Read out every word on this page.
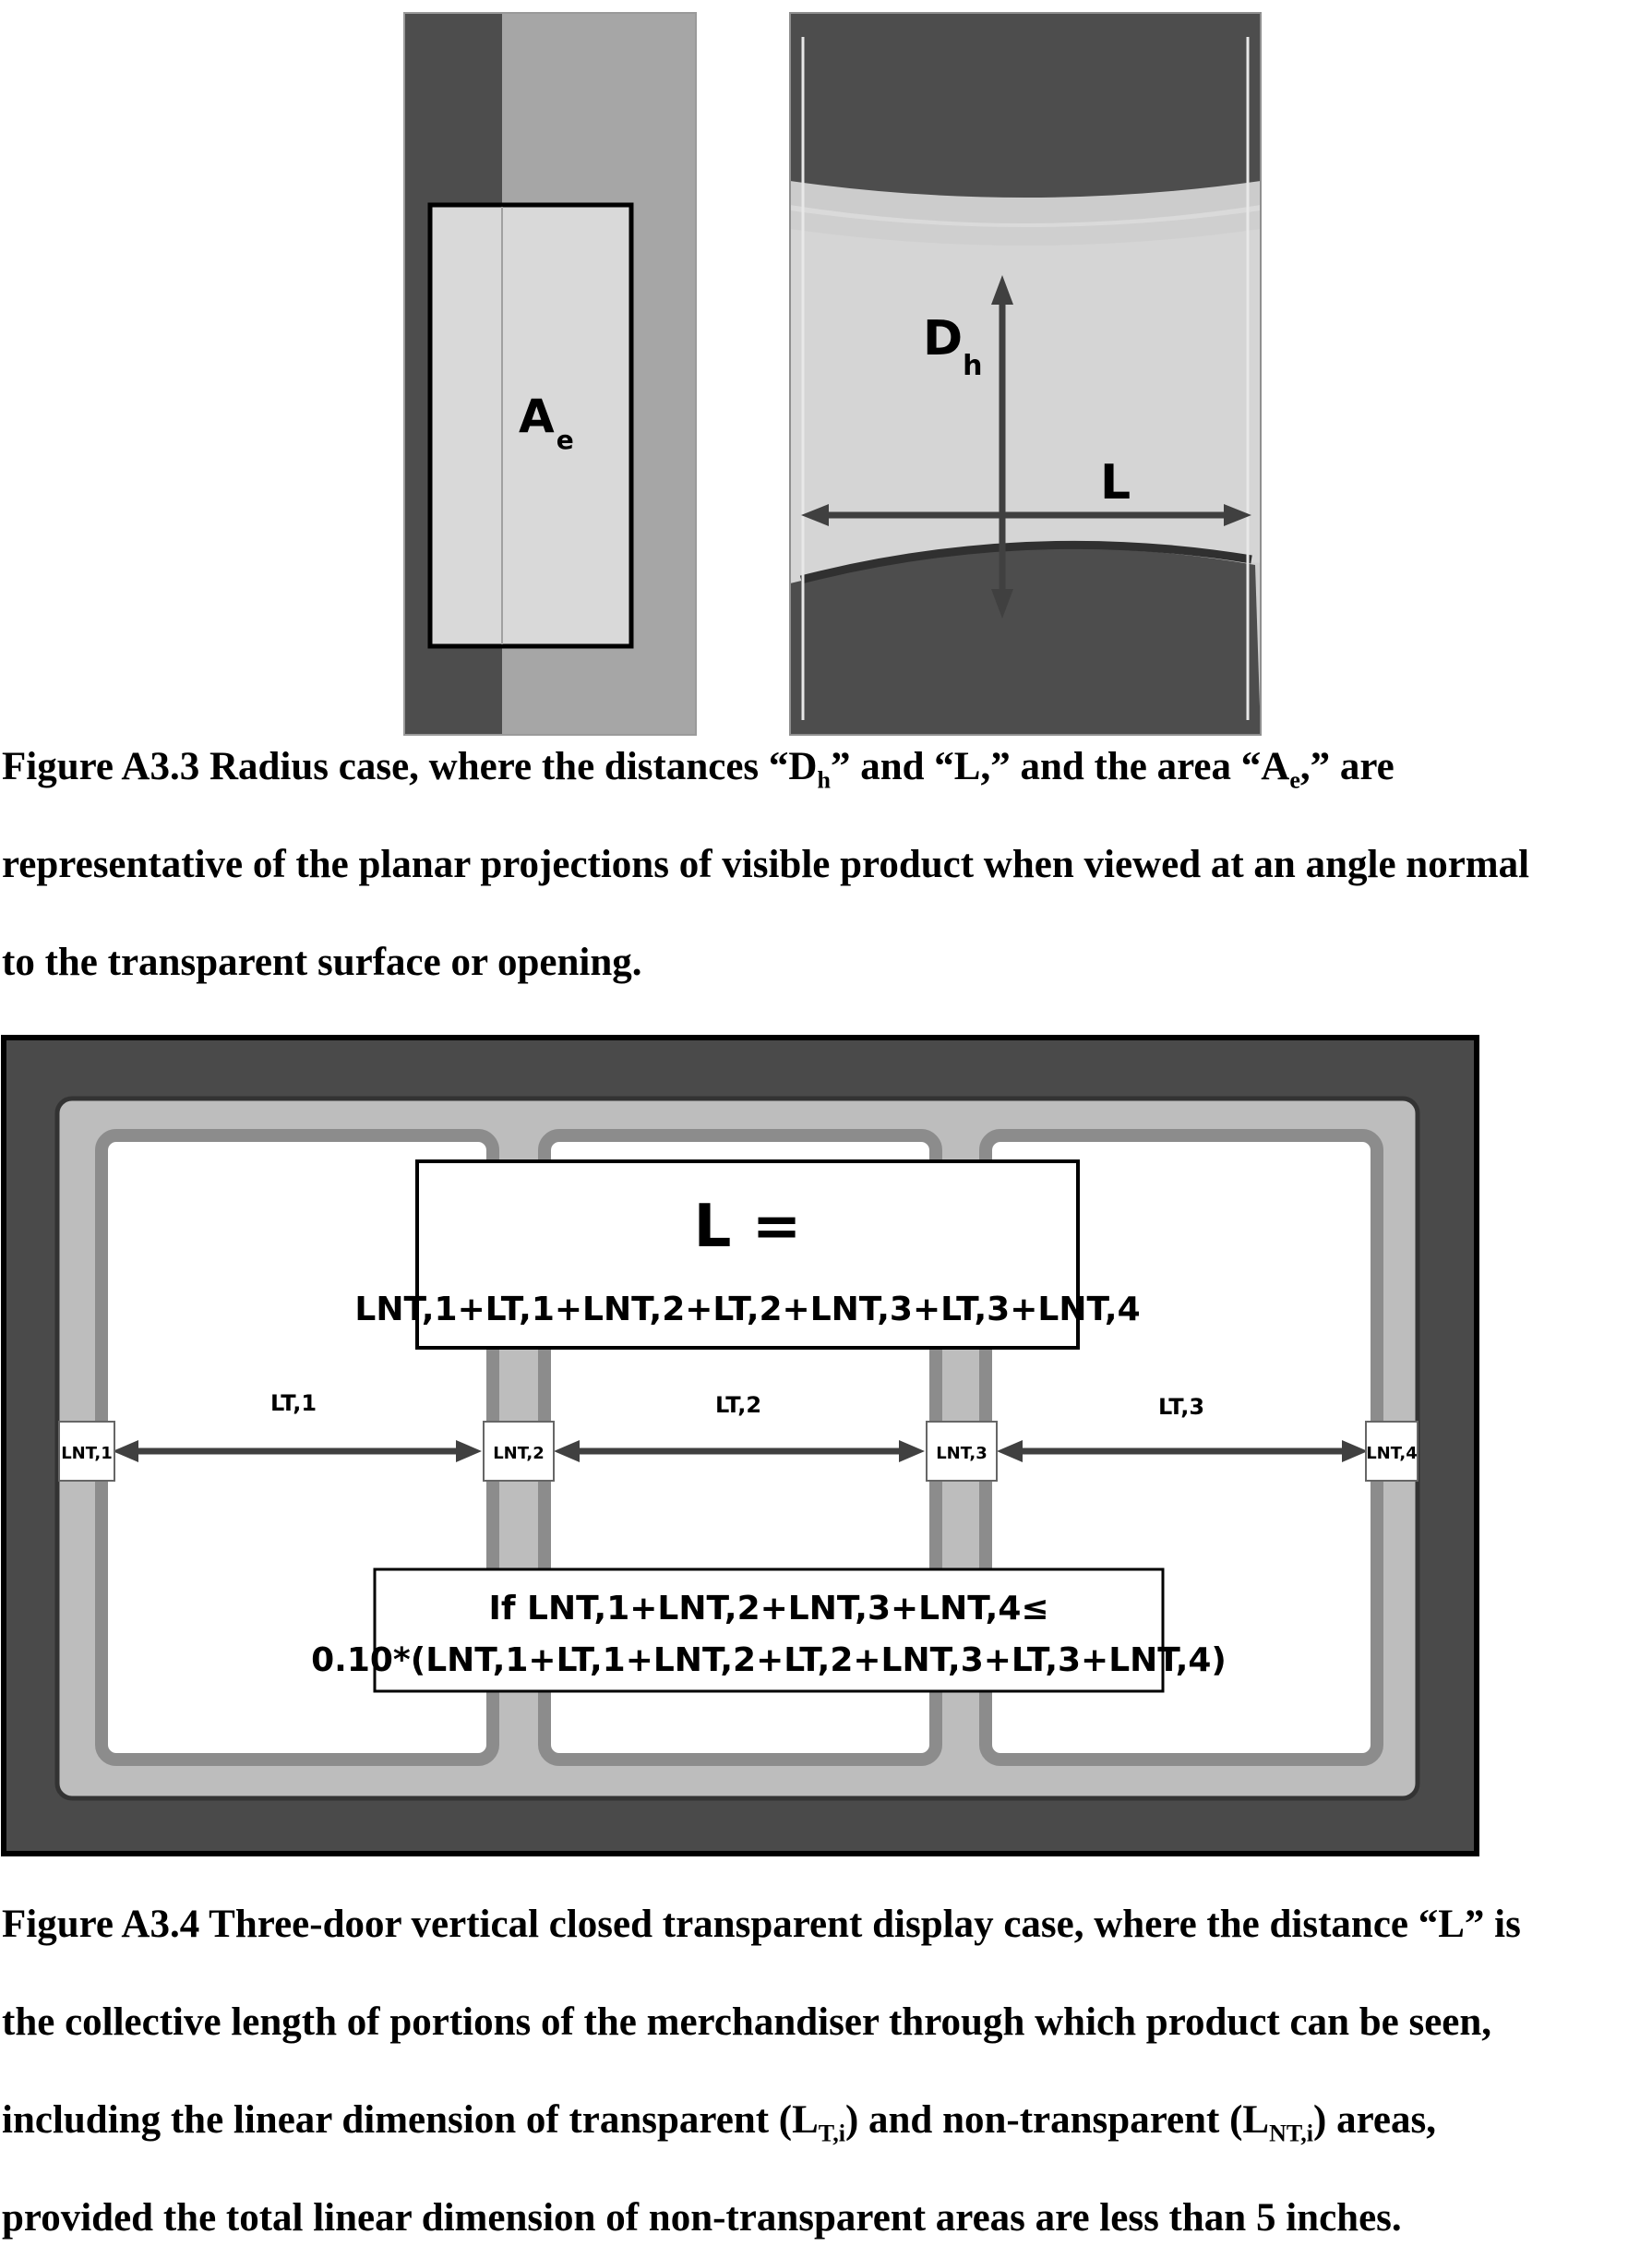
$A_e$
$D_h$
L

Figure A3.3 Radius case, where the distances “$D_h$” and “L,” and the area “$A_e$,” are

representative of the planar projections of visible product when viewed at an angle normal

to the transparent surface or opening.

L =
LNT,1+LT,1+LNT,2+LT,2+LNT,3+LT,3+LNT,4
LT,1	LT,2	LT,3
LNT,1	LNT,2	LNT,3	LNT,4
If LNT,1+LNT,2+LNT,3+LNT,4≤
0.10*(LNT,1+LT,1+LNT,2+LT,2+LNT,3+LT,3+LNT,4)

Figure A3.4 Three-door vertical closed transparent display case, where the distance “L” is

the collective length of portions of the merchandiser through which product can be seen,

including the linear dimension of transparent $(L_{T,i})$ and non-transparent $(L_{NT,i})$ areas,

provided the total linear dimension of non-transparent areas are less than 5 inches.
